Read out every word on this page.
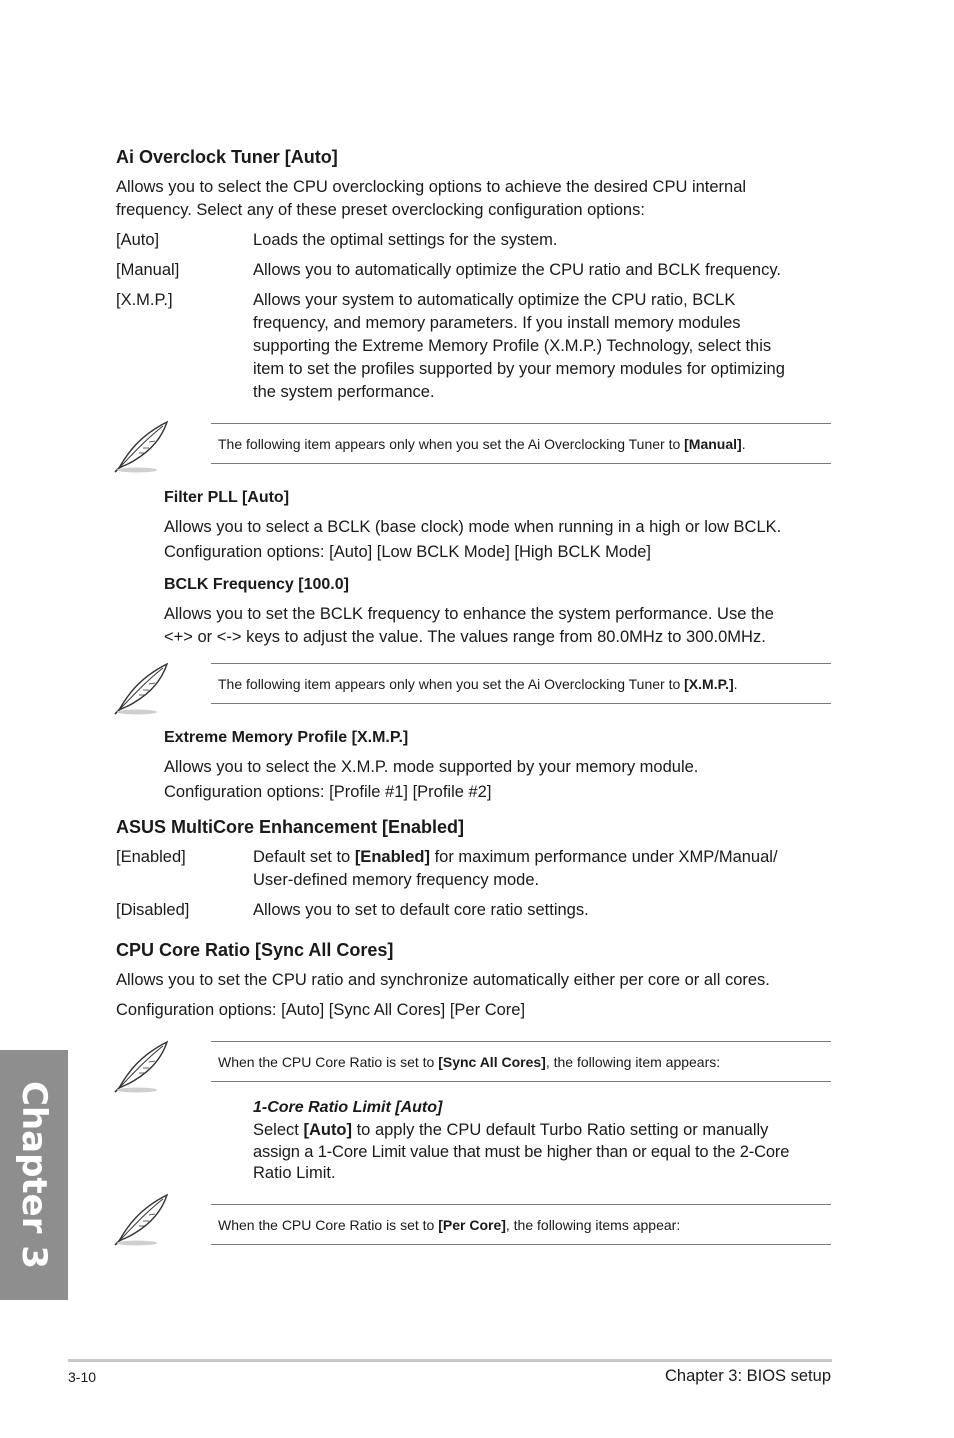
Ai Overclock Tuner [Auto]
Allows you to select the CPU overclocking options to achieve the desired CPU internal
frequency. Select any of these preset overclocking configuration options:
[Auto]	Loads the optimal settings for the system.
[Manual]	Allows you to automatically optimize the CPU ratio and BCLK frequency.
[X.M.P.]	Allows your system to automatically optimize the CPU ratio, BCLK
frequency, and memory parameters. If you install memory modules
supporting the Extreme Memory Profile (X.M.P.) Technology, select this
item to set the profiles supported by your memory modules for optimizing
the system performance.
The following item appears only when you set the Ai Overclocking Tuner to [Manual].
Filter PLL [Auto]
Allows you to select a BCLK (base clock) mode when running in a high or low BCLK.
Configuration options: [Auto] [Low BCLK Mode] [High BCLK Mode]
BCLK Frequency [100.0]
Allows you to set the BCLK frequency to enhance the system performance. Use the
<+> or <-> keys to adjust the value. The values range from 80.0MHz to 300.0MHz.
The following item appears only when you set the Ai Overclocking Tuner to [X.M.P.].
Extreme Memory Profile [X.M.P.]
Allows you to select the X.M.P. mode supported by your memory module.
Configuration options: [Profile #1] [Profile #2]
ASUS MultiCore Enhancement [Enabled]
[Enabled]	Default set to [Enabled] for maximum performance under XMP/Manual/
User-defined memory frequency mode.
[Disabled]	Allows you to set to default core ratio settings.
CPU Core Ratio [Sync All Cores]
Allows you to set the CPU ratio and synchronize automatically either per core or all cores.
Configuration options: [Auto] [Sync All Cores] [Per Core]
When the CPU Core Ratio is set to [Sync All Cores], the following item appears:
1-Core Ratio Limit [Auto]
Select [Auto] to apply the CPU default Turbo Ratio setting or manually
assign a 1-Core Limit value that must be higher than or equal to the 2-Core
Ratio Limit.
When the CPU Core Ratio is set to [Per Core], the following items appear:
Chapter 3
3-10	Chapter 3: BIOS setup
